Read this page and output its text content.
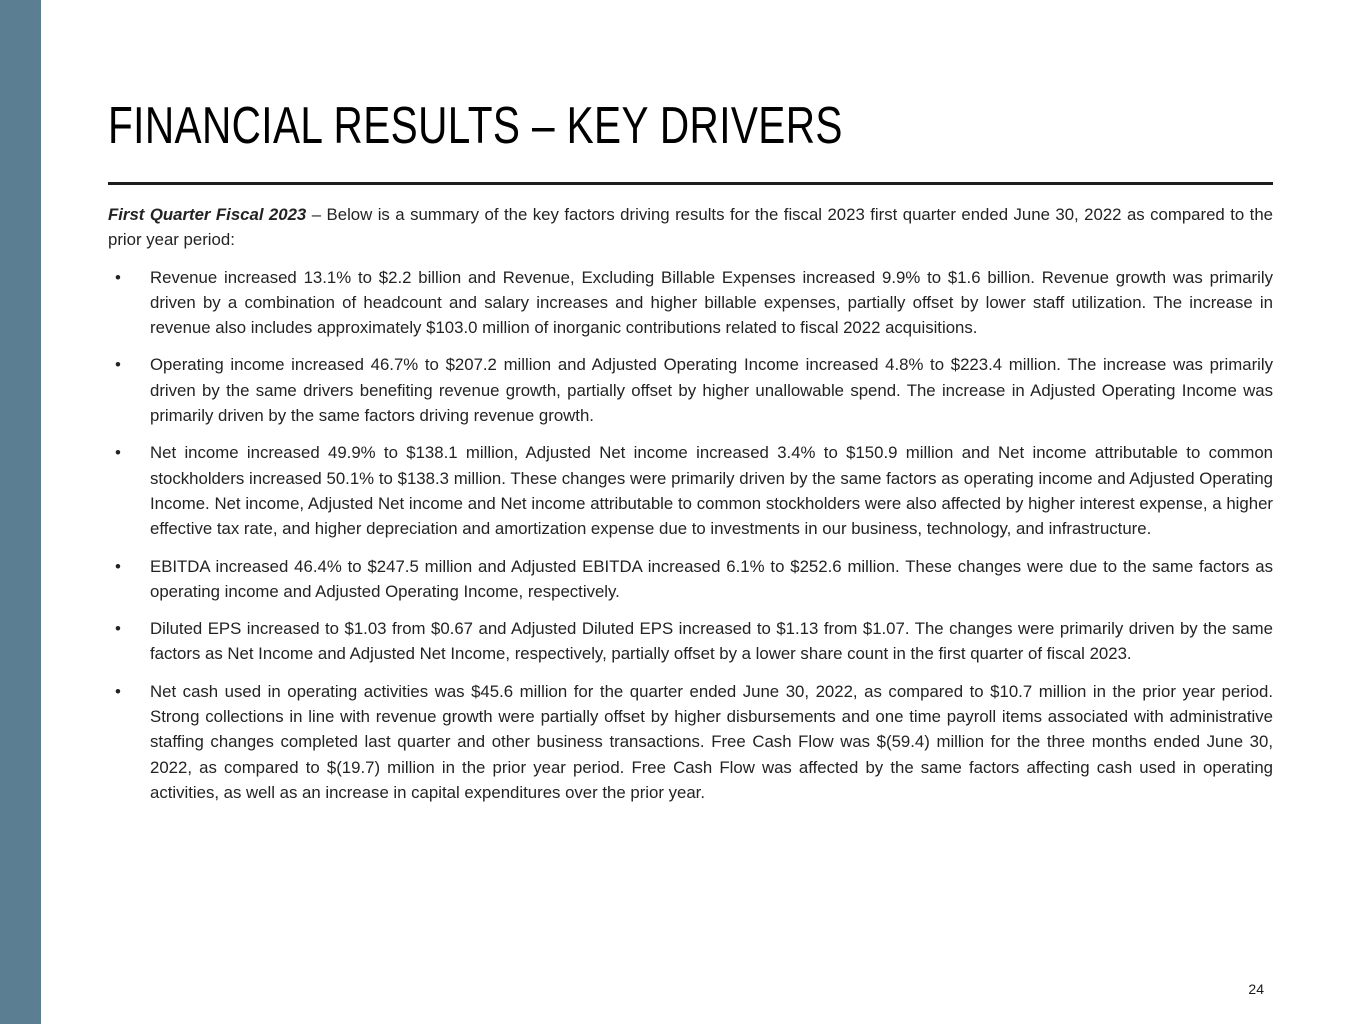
FINANCIAL RESULTS – KEY DRIVERS

First Quarter Fiscal 2023 – Below is a summary of the key factors driving results for the fiscal 2023 first quarter ended June 30, 2022 as compared to the prior year period:

• Revenue increased 13.1% to $2.2 billion and Revenue, Excluding Billable Expenses increased 9.9% to $1.6 billion. Revenue growth was primarily driven by a combination of headcount and salary increases and higher billable expenses, partially offset by lower staff utilization. The increase in revenue also includes approximately $103.0 million of inorganic contributions related to fiscal 2022 acquisitions.
• Operating income increased 46.7% to $207.2 million and Adjusted Operating Income increased 4.8% to $223.4 million. The increase was primarily driven by the same drivers benefiting revenue growth, partially offset by higher unallowable spend. The increase in Adjusted Operating Income was primarily driven by the same factors driving revenue growth.
• Net income increased 49.9% to $138.1 million, Adjusted Net income increased 3.4% to $150.9 million and Net income attributable to common stockholders increased 50.1% to $138.3 million. These changes were primarily driven by the same factors as operating income and Adjusted Operating Income. Net income, Adjusted Net income and Net income attributable to common stockholders were also affected by higher interest expense, a higher effective tax rate, and higher depreciation and amortization expense due to investments in our business, technology, and infrastructure.
• EBITDA increased 46.4% to $247.5 million and Adjusted EBITDA increased 6.1% to $252.6 million. These changes were due to the same factors as operating income and Adjusted Operating Income, respectively.
• Diluted EPS increased to $1.03 from $0.67 and Adjusted Diluted EPS increased to $1.13 from $1.07. The changes were primarily driven by the same factors as Net Income and Adjusted Net Income, respectively, partially offset by a lower share count in the first quarter of fiscal 2023.
• Net cash used in operating activities was $45.6 million for the quarter ended June 30, 2022, as compared to $10.7 million in the prior year period. Strong collections in line with revenue growth were partially offset by higher disbursements and one time payroll items associated with administrative staffing changes completed last quarter and other business transactions. Free Cash Flow was $(59.4) million for the three months ended June 30, 2022, as compared to $(19.7) million in the prior year period. Free Cash Flow was affected by the same factors affecting cash used in operating activities, as well as an increase in capital expenditures over the prior year.
24
